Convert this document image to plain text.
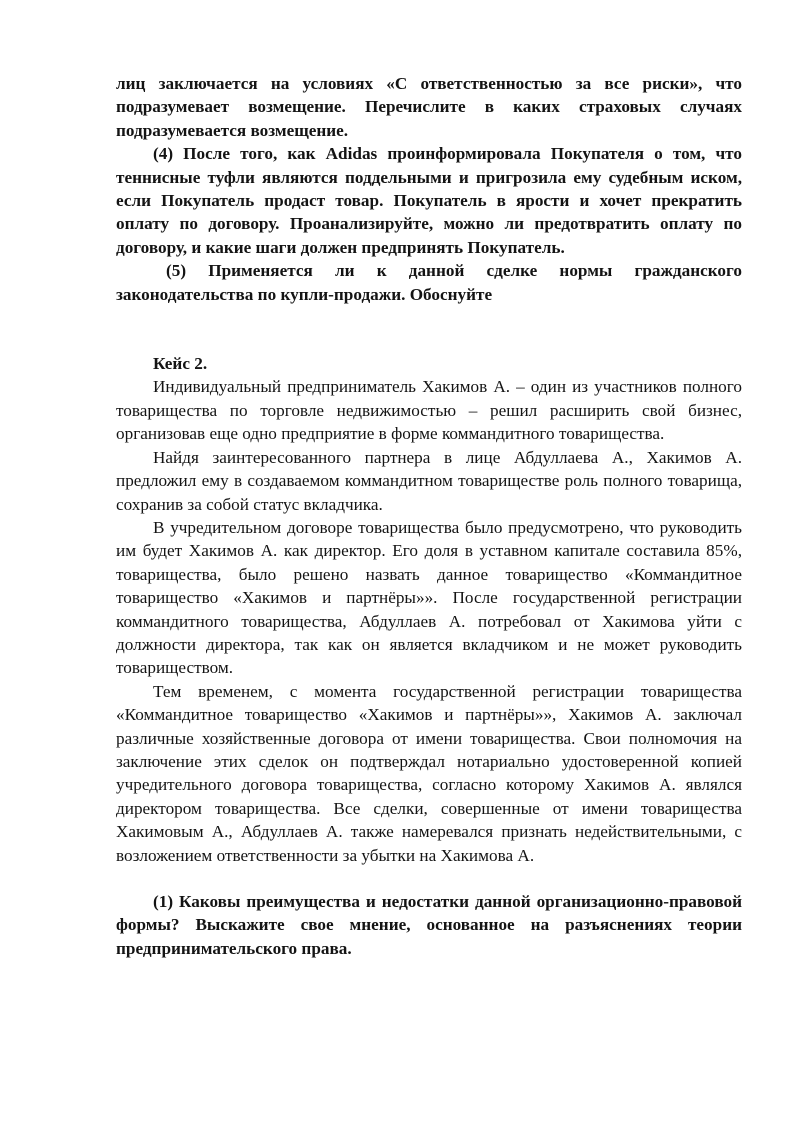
лиц заключается на условиях «С ответственностью за все риски», что подразумевает возмещение. Перечислите в каких страховых случаях подразумевается возмещение.

(4) После того, как Adidas проинформировала Покупателя о том, что теннисные туфли являются поддельными и пригрозила ему судебным иском, если Покупатель продаст товар. Покупатель в ярости и хочет прекратить оплату по договору. Проанализируйте, можно ли предотвратить оплату по договору, и какие шаги должен предпринять Покупатель.

(5) Применяется ли к данной сделке нормы гражданского законодательства по купли-продажи. Обоснуйте

Кейс 2.

Индивидуальный предприниматель Хакимов А. – один из участников полного товарищества по торговле недвижимостью – решил расширить свой бизнес, организовав еще одно предприятие в форме коммандитного товарищества.

Найдя заинтересованного партнера в лице Абдуллаева А., Хакимов А. предложил ему в создаваемом коммандитном товариществе роль полного товарища, сохранив за собой статус вкладчика.

В учредительном договоре товарищества было предусмотрено, что руководить им будет Хакимов А. как директор. Его доля в уставном капитале составила 85%, товарищества, было решено назвать данное товарищество «Коммандитное товарищество «Хакимов и партнёры»». После государственной регистрации коммандитного товарищества, Абдуллаев А. потребовал от Хакимова уйти с должности директора, так как он является вкладчиком и не может руководить товариществом.

Тем временем, с момента государственной регистрации товарищества «Коммандитное товарищество «Хакимов и партнёры»», Хакимов А. заключал различные хозяйственные договора от имени товарищества. Свои полномочия на заключение этих сделок он подтверждал нотариально удостоверенной копией учредительного договора товарищества, согласно которому Хакимов А. являлся директором товарищества. Все сделки, совершенные от имени товарищества Хакимовым А., Абдуллаев А. также намеревался признать недействительными, с возложением ответственности за убытки на Хакимова А.

(1) Каковы преимущества и недостатки данной организационно-правовой формы? Выскажите свое мнение, основанное на разъяснениях теории предпринимательского права.
